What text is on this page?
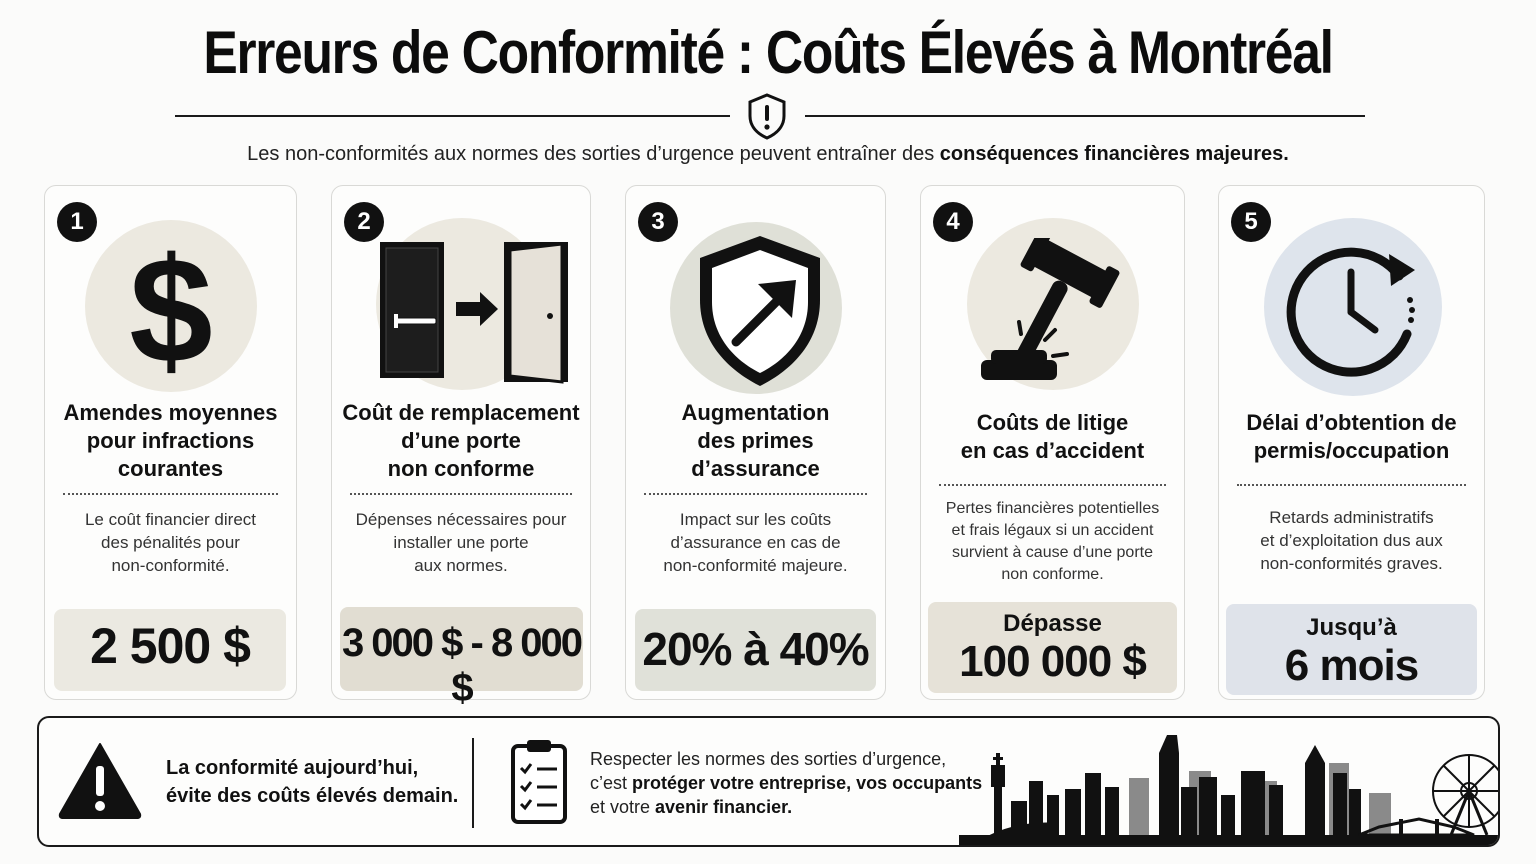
Erreurs de Conformité : Coûts Élevés à Montréal
Les non-conformités aux normes des sorties d’urgence peuvent entraîner des conséquences financières majeures.
1
$
Amendes moyennes
pour infractions
courantes
Le coût financier direct
des pénalités pour
non-conformité.
2 500 $
2
Coût de remplacement
d’une porte
non conforme
Dépenses nécessaires pour
installer une porte
aux normes.
3 000 $ - 8 000 $
3
Augmentation
des primes
d’assurance
Impact sur les coûts
d’assurance en cas de
non-conformité majeure.
20% à 40%
4
Coûts de litige
en cas d’accident
Pertes financières potentielles
et frais légaux si un accident
survient à cause d’une porte
non conforme.
Dépasse
100 000 $
5
Délai d’obtention de
permis/occupation
Retards administratifs
et d’exploitation dus aux
non-conformités graves.
Jusqu’à
6 mois
La conformité aujourd’hui,
évite des coûts élevés demain.
Respecter les normes des sorties d’urgence,
c’est protéger votre entreprise, vos occupants
et votre avenir financier.
